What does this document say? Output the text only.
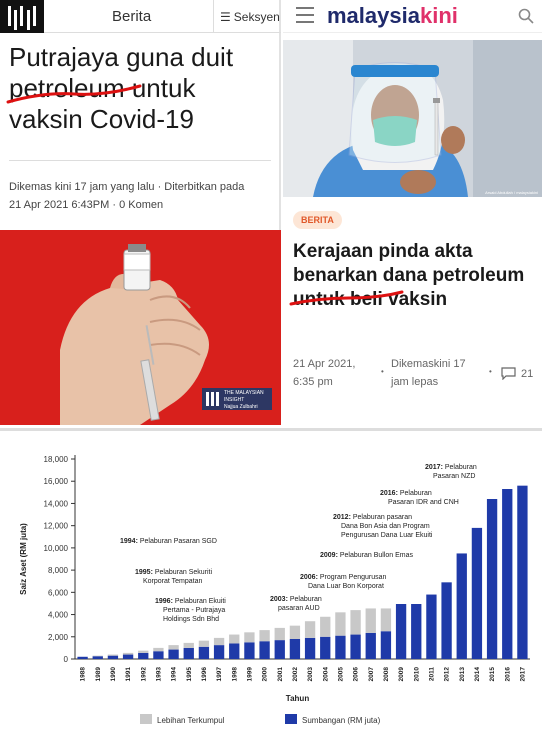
Berita	☰ Seksyen
Putrajaya guna duit petroleum untuk vaksin Covid-19
Dikemas kini 17 jam yang lalu · Diterbitkan pada
21 Apr 2021 6:43PM · 0 Komen
THE MALAYSIAN INSIGHT
Najjua Zulbahri
malaysiakini
Arsaid Abdullah / malaysiakini
BERITA
Kerajaan pinda akta benarkan dana petroleum untuk beli vaksin
21 Apr 2021, 6:35 pm
•
Dikemaskini 17 jam lepas
•	21
0
2,000
4,000
6,000
8,000
10,000
12,000
14,000
16,000
18,000
Saiz Aset (RM juta)
1988 1989 1990 1991 1992 1993 1994 1995 1996 1997 1998 1999 2000 2001 2002 2003 2004 2005 2006 2007 2008 2009 2010 2011 2012 2013 2014 2015 2016 2017
Tahun
1994: Pelaburan Pasaran SGD
1995: Pelaburan Sekuriti Korporat Tempatan
1996: Pelaburan Ekuiti Pertama - Putrajaya Holdings Sdn Bhd
2003: Pelaburan pasaran AUD
2006: Program Pengurusan Dana Luar Bon Korporat
2009: Pelaburan Bullon Emas
2012: Pelaburan pasaran Dana Bon Asia dan Program Pengurusan Dana Luar Ekuiti
2016: Pelaburan Pasaran IDR and CNH
2017: Pelaburan Pasaran NZD
Lebihan Terkumpul	Sumbangan (RM juta)
